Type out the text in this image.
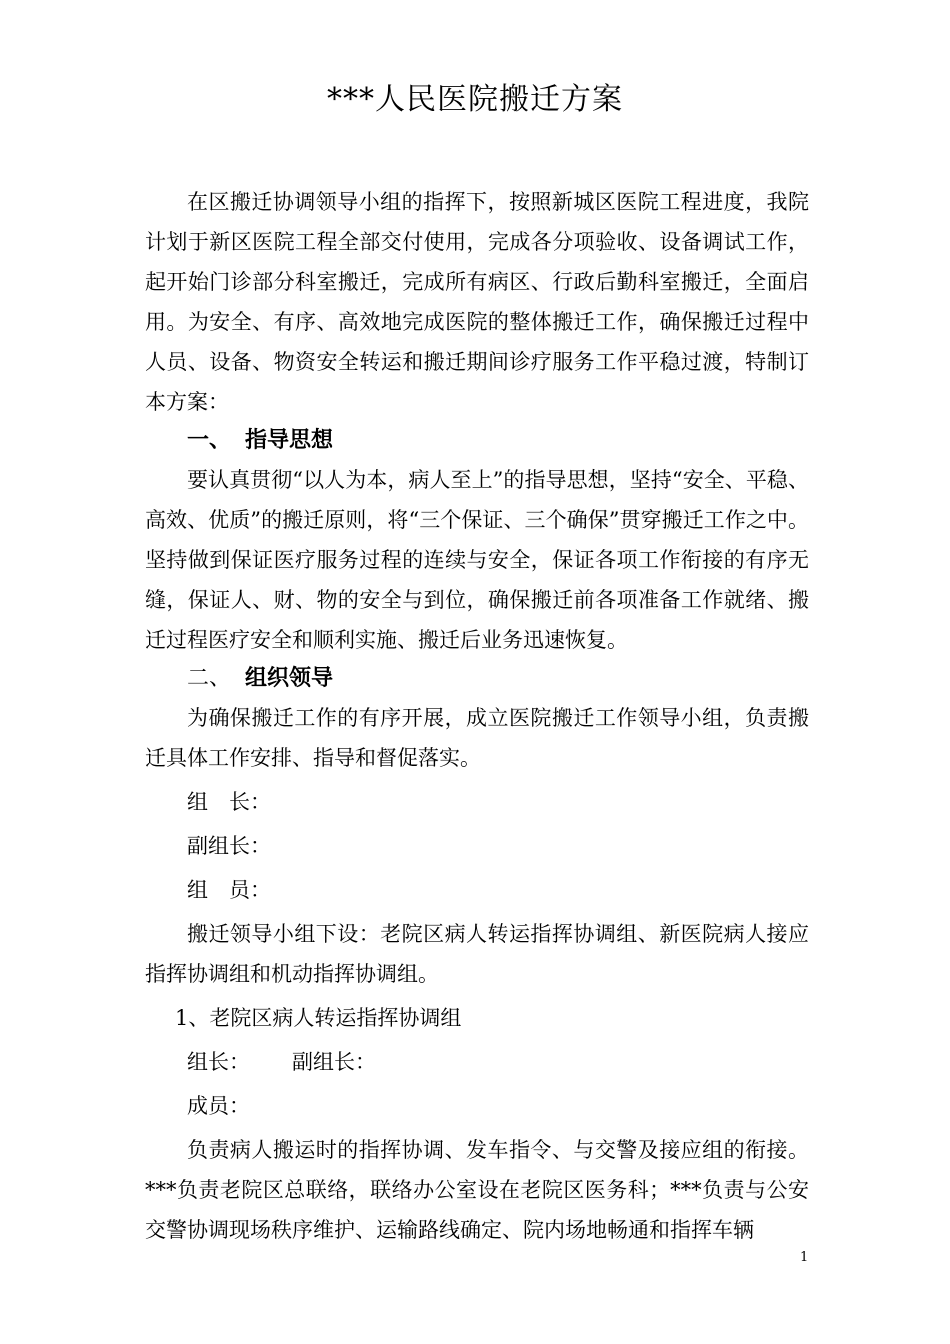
***人民医院搬迁方案

在区搬迁协调领导小组的指挥下，按照新城区医院工程进度，我院计划于新区医院工程全部交付使用，完成各分项验收、设备调试工作，起开始门诊部分科室搬迁，完成所有病区、行政后勤科室搬迁，全面启用。为安全、有序、高效地完成医院的整体搬迁工作，确保搬迁过程中人员、设备、物资安全转运和搬迁期间诊疗服务工作平稳过渡，特制订本方案：

一、 指导思想

要认真贯彻“以人为本，病人至上”的指导思想，坚持“安全、平稳、高效、优质”的搬迁原则，将“三个保证、三个确保”贯穿搬迁工作之中。坚持做到保证医疗服务过程的连续与安全，保证各项工作衔接的有序无缝，保证人、财、物的安全与到位，确保搬迁前各项准备工作就绪、搬迁过程医疗安全和顺利实施、搬迁后业务迅速恢复。

二、 组织领导

为确保搬迁工作的有序开展，成立医院搬迁工作领导小组，负责搬迁具体工作安排、指导和督促落实。

组　长：

副组长：

组　员：

搬迁领导小组下设：老院区病人转运指挥协调组、新医院病人接应指挥协调组和机动指挥协调组。

1、老院区病人转运指挥协调组

组长： 副组长：

成员：

负责病人搬运时的指挥协调、发车指令、与交警及接应组的衔接。***负责老院区总联络，联络办公室设在老院区医务科；***负责与公安交警协调现场秩序维护、运输路线确定、院内场地畅通和指挥车辆

1
